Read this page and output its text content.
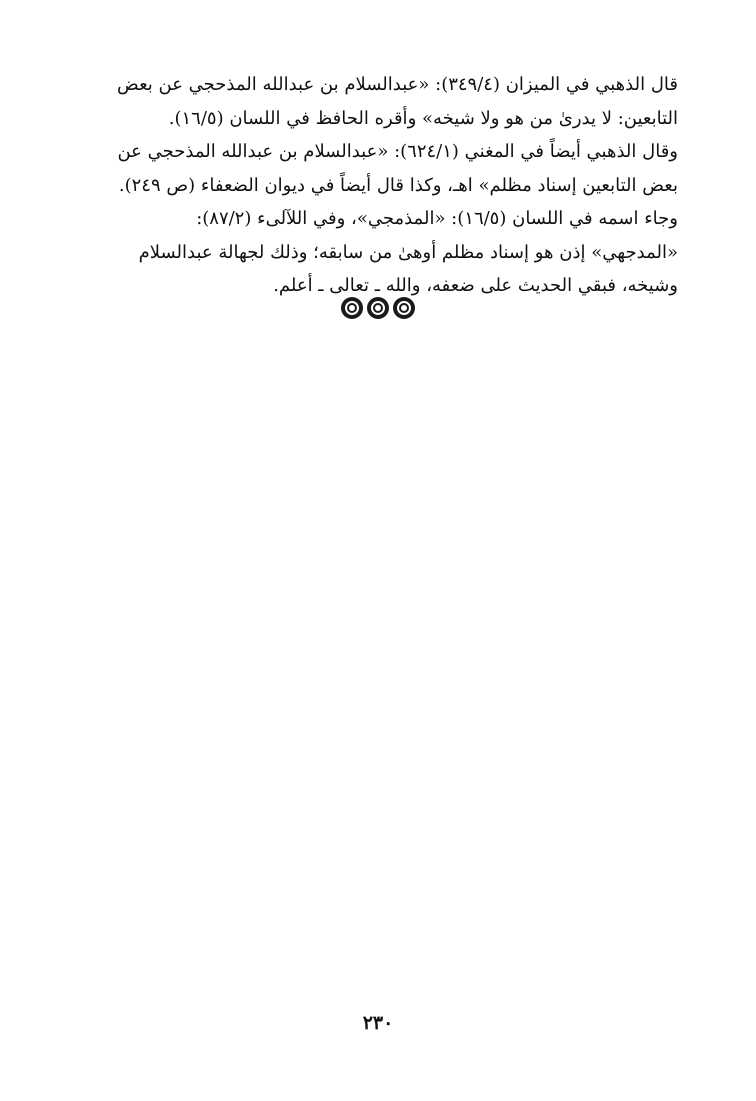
قال الذهبي في الميزان (٣٤٩/٤): «عبدالسلام بن عبدالله المذحجي عن بعض
التابعين: لا يدرىٰ من هو ولا شيخه» وأقره الحافظ في اللسان (١٦/٥).
وقال الذهبي أيضاً في المغني (٦٢٤/١): «عبدالسلام بن عبدالله المذحجي عن
بعض التابعين إسناد مظلم» اهـ، وكذا قال أيضاً في ديوان الضعفاء (ص ٢٤٩).
وجاء اسمه في اللسان (١٦/٥): «المذمجي»، وفي اللآلىء (٨٧/٢):
«المدجهي» إذن هو إسناد مظلم أوهىٰ من سابقه؛ وذلك لجهالة عبدالسلام
وشيخه، فبقي الحديث على ضعفه، والله ـ تعالى ـ أعلم.
٢٣٠
